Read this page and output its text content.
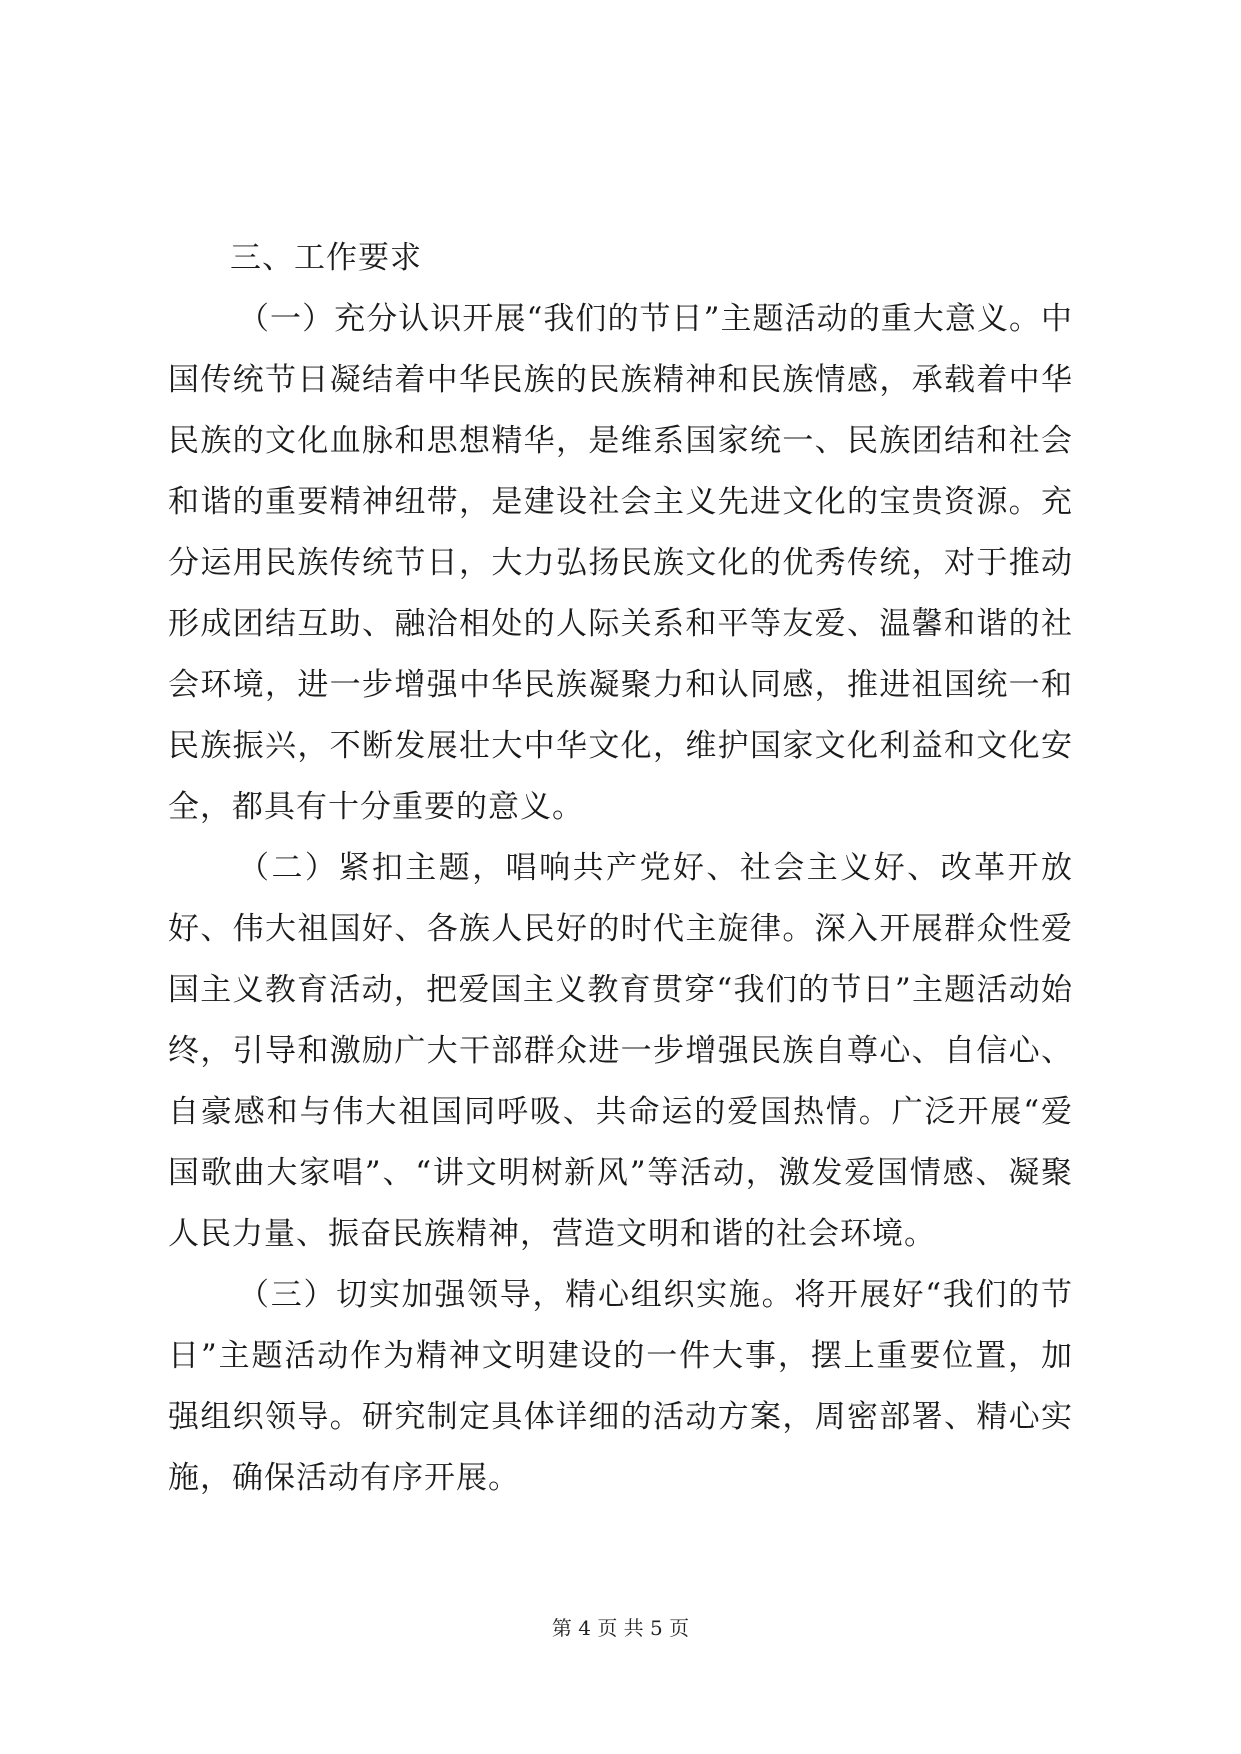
三、工作要求

（一）充分认识开展“我们的节日”主题活动的重大意义。中国传统节日凝结着中华民族的民族精神和民族情感，承载着中华民族的文化血脉和思想精华，是维系国家统一、民族团结和社会和谐的重要精神纽带，是建设社会主义先进文化的宝贵资源。充分运用民族传统节日，大力弘扬民族文化的优秀传统，对于推动形成团结互助、融洽相处的人际关系和平等友爱、温馨和谐的社会环境，进一步增强中华民族凝聚力和认同感，推进祖国统一和民族振兴，不断发展壮大中华文化，维护国家文化利益和文化安全，都具有十分重要的意义。

（二）紧扣主题，唱响共产党好、社会主义好、改革开放好、伟大祖国好、各族人民好的时代主旋律。深入开展群众性爱国主义教育活动，把爱国主义教育贯穿“我们的节日”主题活动始终，引导和激励广大干部群众进一步增强民族自尊心、自信心、自豪感和与伟大祖国同呼吸、共命运的爱国热情。广泛开展“爱国歌曲大家唱”、“讲文明树新风”等活动，激发爱国情感、凝聚人民力量、振奋民族精神，营造文明和谐的社会环境。

（三）切实加强领导，精心组织实施。将开展好“我们的节日”主题活动作为精神文明建设的一件大事，摆上重要位置，加强组织领导。研究制定具体详细的活动方案，周密部署、精心实施，确保活动有序开展。

第 4 页 共 5 页
